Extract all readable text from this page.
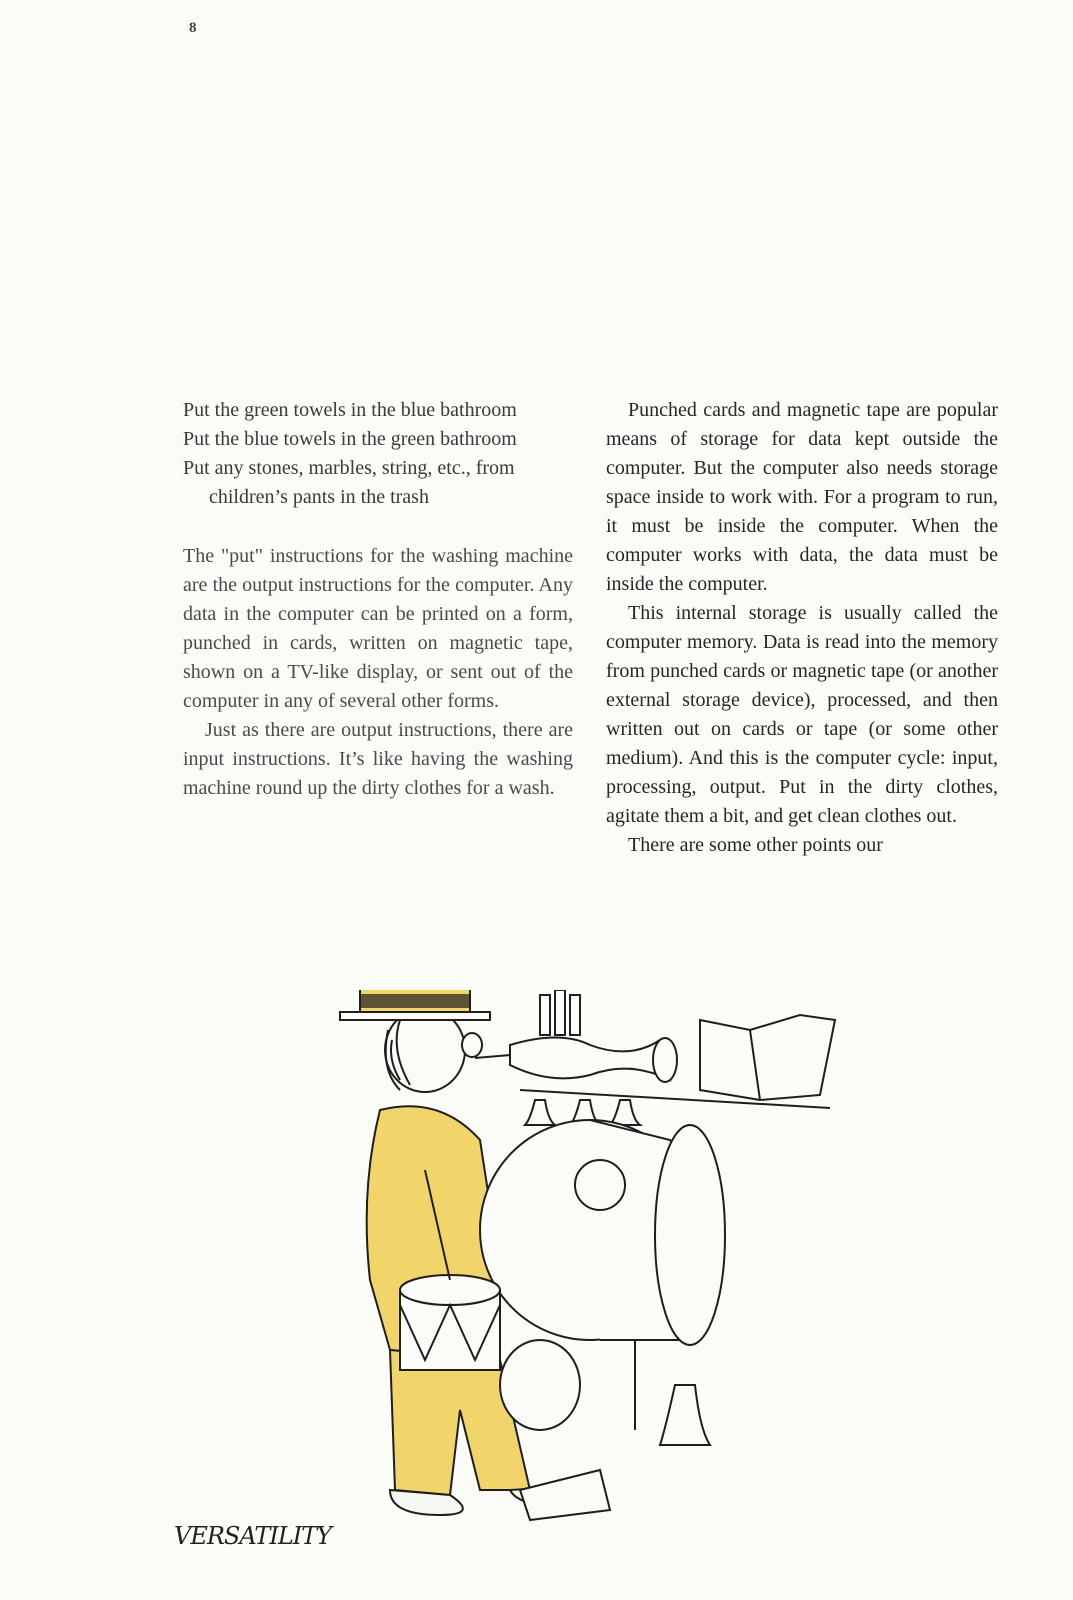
8

Put the green towels in the blue bathroom

Put the blue towels in the green bathroom

Put any stones, marbles, string, etc., from children’s pants in the trash

The "put" instructions for the washing machine are the output instructions for the computer. Any data in the computer can be printed on a form, punched in cards, written on magnetic tape, shown on a TV-like display, or sent out of the computer in any of several other forms.

Just as there are output instructions, there are input instructions. It’s like having the washing machine round up the dirty clothes for a wash.

Punched cards and magnetic tape are popular means of storage for data kept outside the computer. But the computer also needs storage space inside to work with. For a program to run, it must be inside the computer. When the computer works with data, the data must be inside the computer.

This internal storage is usually called the computer memory. Data is read into the memory from punched cards or magnetic tape (or another external storage device), processed, and then written out on cards or tape (or some other medium). And this is the computer cycle: input, processing, output. Put in the dirty clothes, agitate them a bit, and get clean clothes out.

There are some other points our

VERSATILITY
